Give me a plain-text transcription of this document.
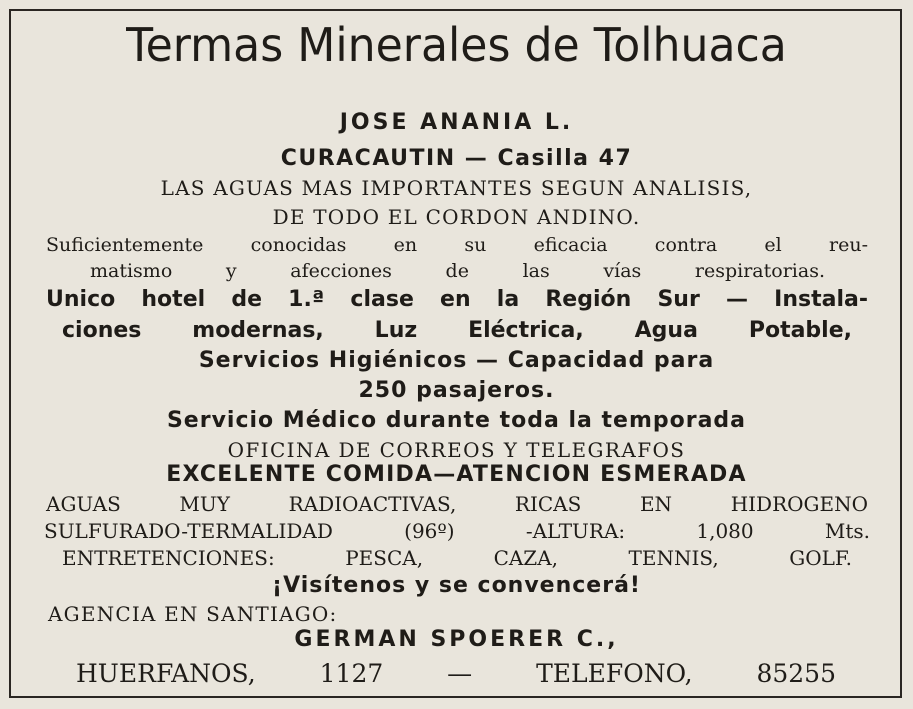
Termas Minerales de Tolhuaca
JOSE ANANIA L.
CURACAUTIN — Casilla 47
LAS AGUAS MAS IMPORTANTES SEGUN ANALISIS,
DE TODO EL CORDON ANDINO.
Suficientemente conocidas en su eficacia contra el reu-
matismo y afecciones de las vías respiratorias.
Unico hotel de 1.ª clase en la Región Sur — Instala-
ciones modernas, Luz Eléctrica, Agua Potable,
Servicios Higiénicos — Capacidad para
250 pasajeros.
Servicio Médico durante toda la temporada
OFICINA DE CORREOS Y TELEGRAFOS
EXCELENTE COMIDA—ATENCION ESMERADA
AGUAS MUY RADIOACTIVAS, RICAS EN HIDROGENO
SULFURADO-TERMALIDAD (96º) -ALTURA: 1,080 Mts.
ENTRETENCIONES: PESCA, CAZA, TENNIS, GOLF.
¡Visítenos y se convencerá!
AGENCIA EN SANTIAGO:
GERMAN SPOERER C.,
HUERFANOS, 1127 — TELEFONO, 85255
